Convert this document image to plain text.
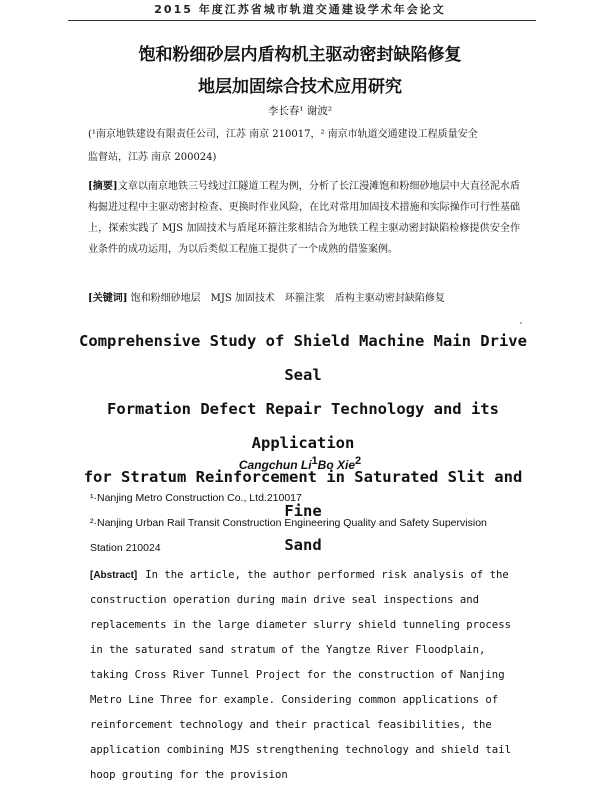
2015 年度江苏省城市轨道交通建设学术年会论文
饱和粉细砂层内盾构机主驱动密封缺陷修复
地层加固综合技术应用研究
李长春¹ 谢波²
(¹南京地铁建设有限责任公司，江苏 南京 210017，² 南京市轨道交通建设工程质量安全
监督站，江苏 南京 200024)
[摘要]文章以南京地铁三号线过江隧道工程为例，分析了长江漫滩饱和粉细砂地层中大直径泥水盾构掘进过程中主驱动密封检查、更换时作业风险，在比对常用加固技术措施和实际操作可行性基础上，探索实践了 MJS 加固技术与盾尾环箍注浆相结合为地铁工程主驱动密封缺陷检修提供安全作业条件的成功运用，为以后类似工程施工提供了一个成熟的借鉴案例。
[关键词] 饱和粉细砂地层　MJS 加固技术　环箍注浆　盾构主驱动密封缺陷修复
Comprehensive Study of Shield Machine Main Drive Seal
Formation Defect Repair Technology and its Application
for Stratum Reinforcement in Saturated Slit and Fine
Sand
Cangchun Li$^1$Bo Xie$^2$
¹·Nanjing Metro Construction Co., Ltd.210017
²·Nanjing Urban Rail Transit Construction Engineering Quality and Safety Supervision
Station 210024
[Abstract] In the article, the author performed risk analysis of the construction operation during main drive seal inspections and replacements in the large diameter slurry shield tunneling process in the saturated sand stratum of the Yangtze River Floodplain, taking Cross River Tunnel Project for the construction of Nanjing Metro Line Three for example. Considering common applications of reinforcement technology and their practical feasibilities, the application combining MJS strengthening technology and shield tail hoop grouting for the provision
